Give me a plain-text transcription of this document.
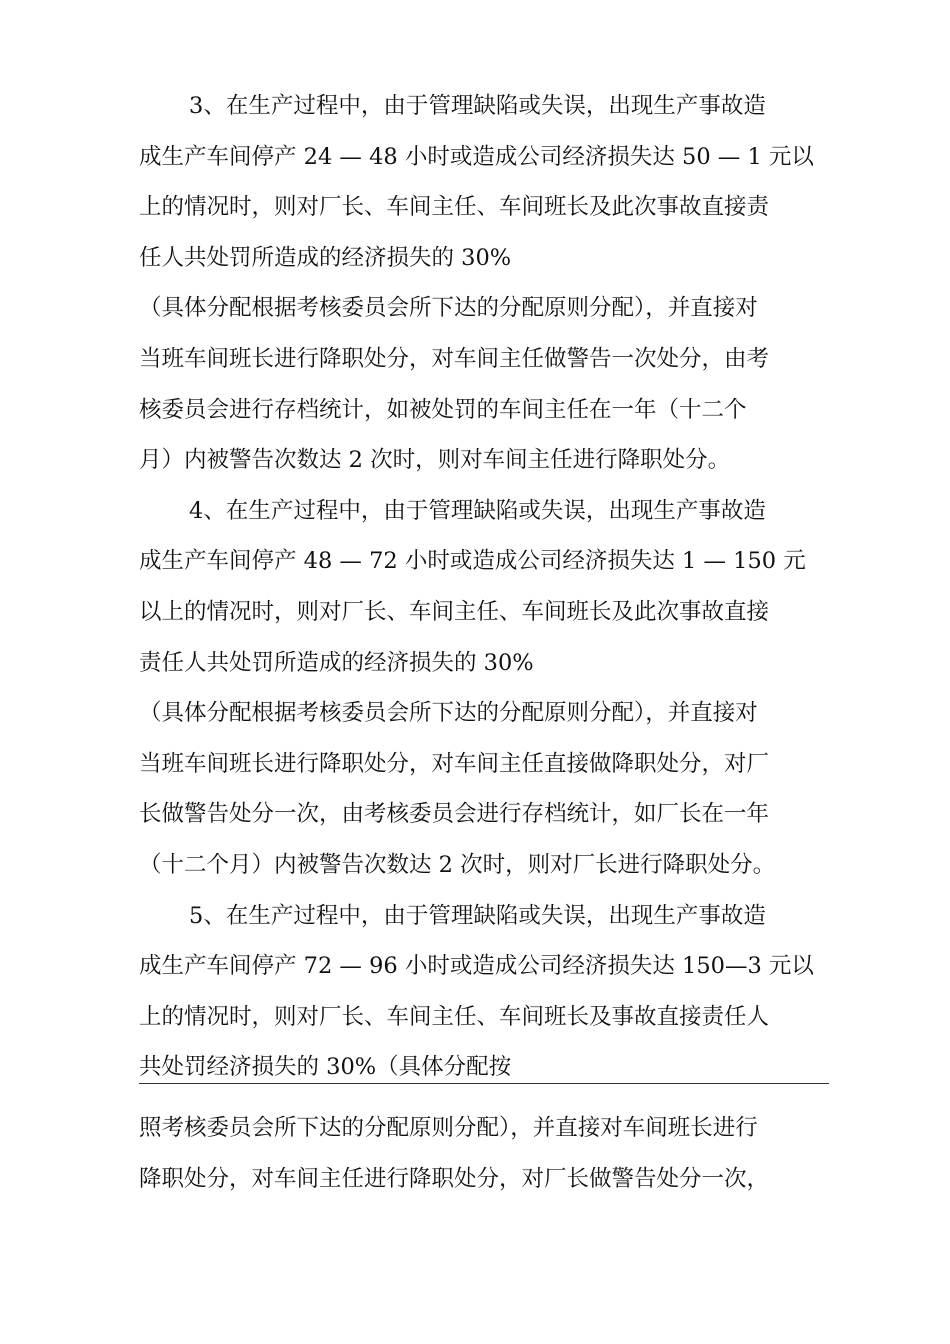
3、在生产过程中，由于管理缺陷或失误，出现生产事故造
成生产车间停产 24 — 48 小时或造成公司经济损失达 50 — 1 元以
上的情况时，则对厂长、车间主任、车间班长及此次事故直接责
任人共处罚所造成的经济损失的 30%
（具体分配根据考核委员会所下达的分配原则分配），并直接对
当班车间班长进行降职处分，对车间主任做警告一次处分，由考
核委员会进行存档统计，如被处罚的车间主任在一年（十二个
月）内被警告次数达 2 次时，则对车间主任进行降职处分。
4、在生产过程中，由于管理缺陷或失误，出现生产事故造
成生产车间停产 48 — 72 小时或造成公司经济损失达 1 — 150 元
以上的情况时，则对厂长、车间主任、车间班长及此次事故直接
责任人共处罚所造成的经济损失的 30%
（具体分配根据考核委员会所下达的分配原则分配），并直接对
当班车间班长进行降职处分，对车间主任直接做降职处分，对厂
长做警告处分一次，由考核委员会进行存档统计，如厂长在一年
（十二个月）内被警告次数达 2 次时，则对厂长进行降职处分。
5、在生产过程中，由于管理缺陷或失误，出现生产事故造
成生产车间停产 72 — 96 小时或造成公司经济损失达 150—3 元以
上的情况时，则对厂长、车间主任、车间班长及事故直接责任人
共处罚经济损失的 30%（具体分配按
照考核委员会所下达的分配原则分配），并直接对车间班长进行
降职处分，对车间主任进行降职处分，对厂长做警告处分一次，
